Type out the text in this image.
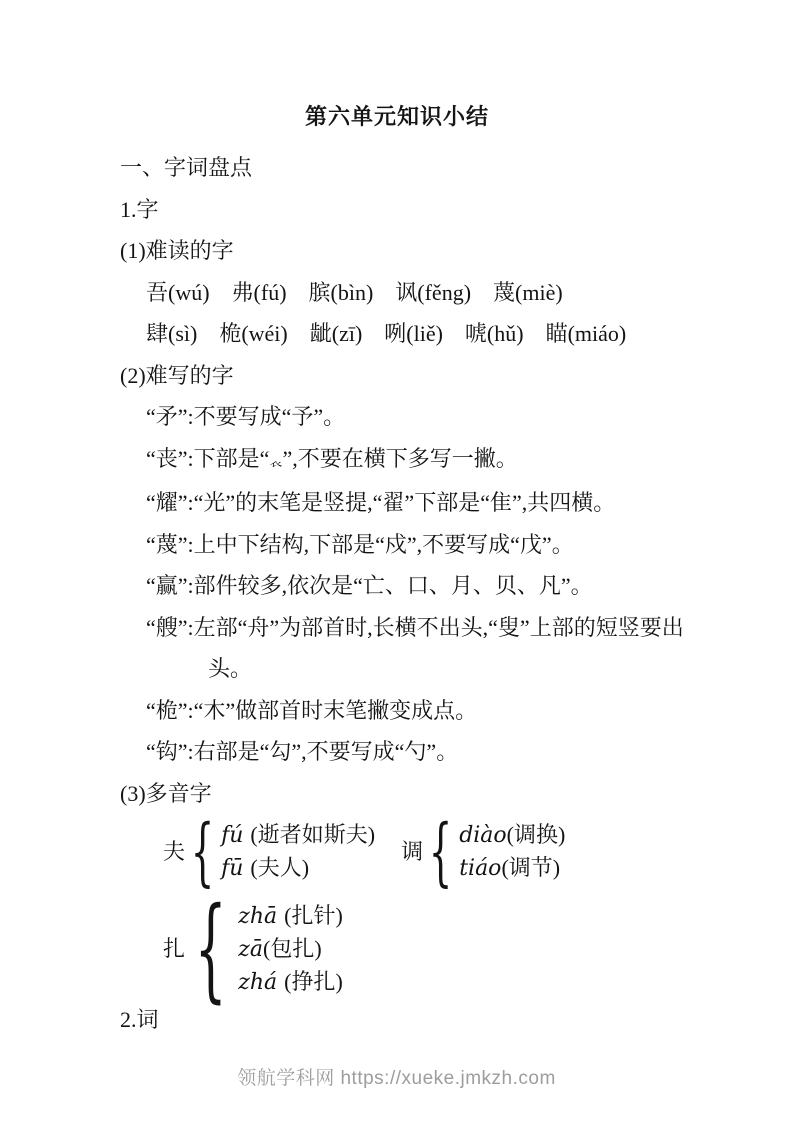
第六单元知识小结

一、字词盘点

1.字

(1)难读的字

吾(wú)　弗(fú)　膑(bìn)　讽(fěng)　蔑(miè)

肆(sì)　桅(wéi)　龇(zī)　咧(liě)　唬(hǔ)　瞄(miáo)

(2)难写的字

“矛”:不要写成“予”。

“丧”:下部是“𧘇”,不要在横下多写一撇。

“耀”:“光”的末笔是竖提,“翟”下部是“隹”,共四横。

“蔑”:上中下结构,下部是“戍”,不要写成“戊”。

“赢”:部件较多,依次是“亡、口、月、贝、凡”。

“艘”:左部“舟”为部首时,长横不出头,“叟”上部的短竖要出

头。

“桅”:“木”做部首时末笔撇变成点。

“钩”:右部是“勾”,不要写成“勺”。

(3)多音字

夫
{
fú (逝者如斯夫)
fū (夫人)
调
{
diào(调换)
tiáo(调节)
扎
{
zhā (扎针)
zā(包扎)
zhá (挣扎)

2.词

领航学科网 https://xueke.jmkzh.com
